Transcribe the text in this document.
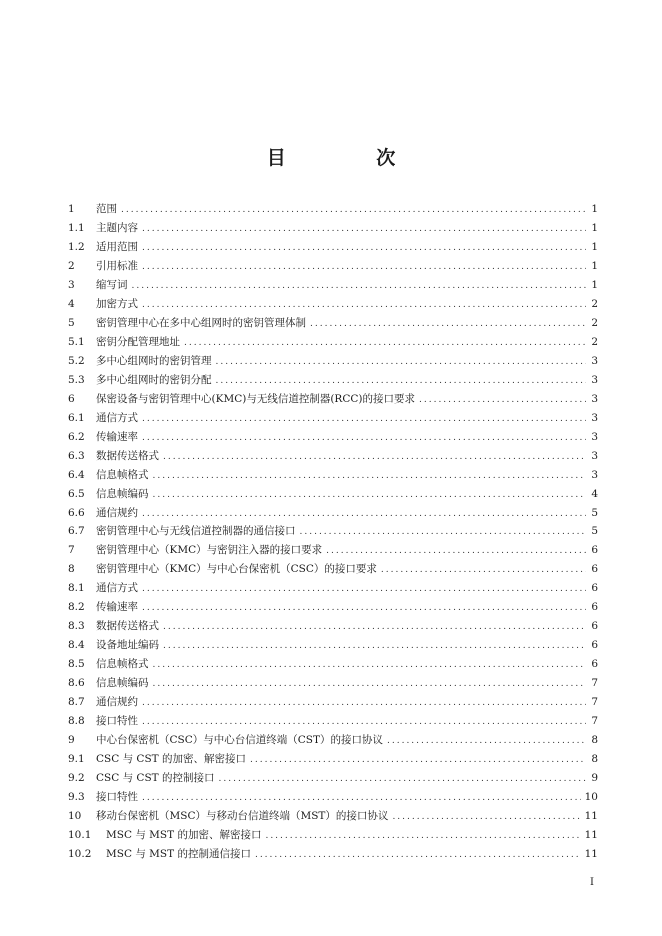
目 次
1	范围 .....	1
1.1	主题内容 .....	1
1.2	适用范围 .....	1
2	引用标准 .....	1
3	缩写词 .....	1
4	加密方式 .....	2
5	密钥管理中心在多中心组网时的密钥管理体制 .....	2
5.1	密钥分配管理地址 .....	2
5.2	多中心组网时的密钥管理 .....	3
5.3	多中心组网时的密钥分配 .....	3
6	保密设备与密钥管理中心(KMC)与无线信道控制器(RCC)的接口要求 .....	3
6.1	通信方式 .....	3
6.2	传输速率 .....	3
6.3	数据传送格式 .....	3
6.4	信息帧格式 .....	3
6.5	信息帧编码 .....	4
6.6	通信规约 .....	5
6.7	密钥管理中心与无线信道控制器的通信接口 .....	5
7	密钥管理中心（KMC）与密钥注入器的接口要求 .....	6
8	密钥管理中心（KMC）与中心台保密机（CSC）的接口要求 .....	6
8.1	通信方式 .....	6
8.2	传输速率 .....	6
8.3	数据传送格式 .....	6
8.4	设备地址编码 .....	6
8.5	信息帧格式 .....	6
8.6	信息帧编码 .....	7
8.7	通信规约 .....	7
8.8	接口特性 .....	7
9	中心台保密机（CSC）与中心台信道终端（CST）的接口协议 .....	8
9.1	CSC 与 CST 的加密、解密接口 .....	8
9.2	CSC 与 CST 的控制接口 .....	9
9.3	接口特性 .....	10
10	移动台保密机（MSC）与移动台信道终端（MST）的接口协议 .....	11
10.1	MSC 与 MST 的加密、解密接口 .....	11
10.2	MSC 与 MST 的控制通信接口 .....	11
I
